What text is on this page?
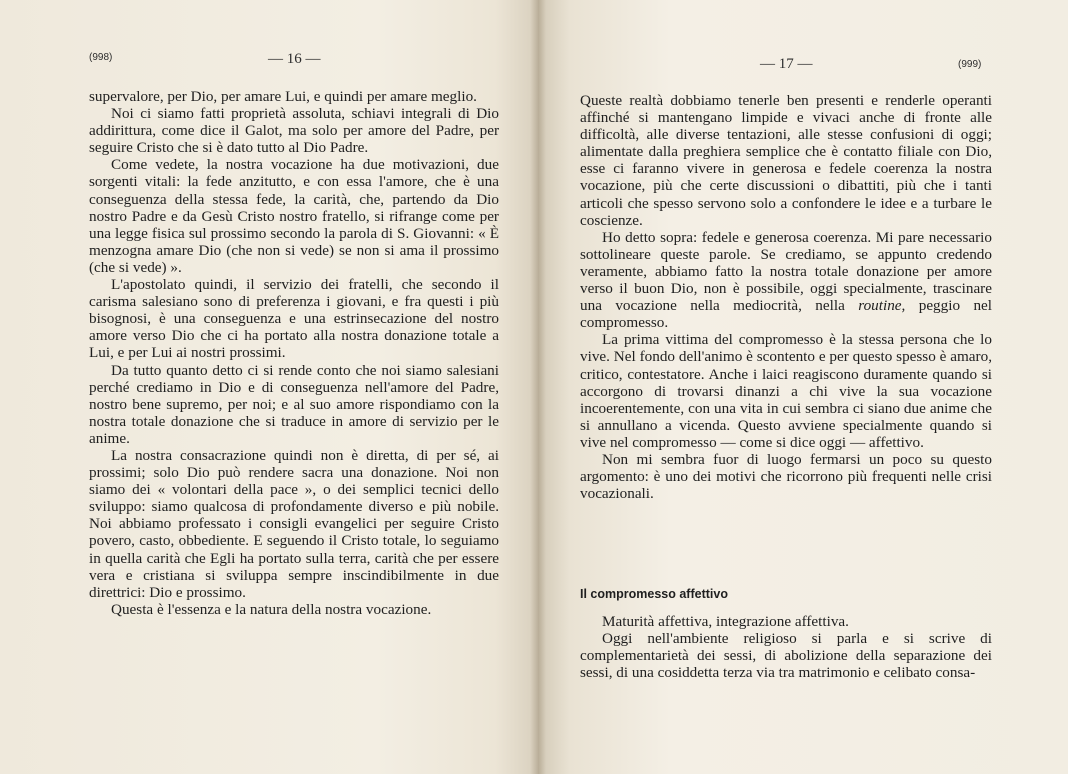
(998)	— 16 —

supervalore, per Dio, per amare Lui, e quindi per amare meglio.

Noi ci siamo fatti proprietà assoluta, schiavi integrali di Dio addirittura, come dice il Galot, ma solo per amore del Padre, per seguire Cristo che si è dato tutto al Dio Padre.

Come vedete, la nostra vocazione ha due motivazioni, due sorgenti vitali: la fede anzitutto, e con essa l'amore, che è una conseguenza della stessa fede, la carità, che, partendo da Dio nostro Padre e da Gesù Cristo nostro fratello, si rifrange come per una legge fisica sul prossimo secondo la parola di S. Giovanni: « È menzogna amare Dio (che non si vede) se non si ama il prossimo (che si vede) ».

L'apostolato quindi, il servizio dei fratelli, che secondo il carisma salesiano sono di preferenza i giovani, e fra questi i più bisognosi, è una conseguenza e una estrinsecazione del nostro amore verso Dio che ci ha portato alla nostra donazione totale a Lui, e per Lui ai nostri prossimi.

Da tutto quanto detto ci si rende conto che noi siamo salesiani perché crediamo in Dio e di conseguenza nell'amore del Padre, nostro bene supremo, per noi; e al suo amore rispondiamo con la nostra totale donazione che si traduce in amore di servizio per le anime.

La nostra consacrazione quindi non è diretta, di per sé, ai prossimi; solo Dio può rendere sacra una donazione. Noi non siamo dei « volontari della pace », o dei semplici tecnici dello sviluppo: siamo qualcosa di profondamente diverso e più nobile. Noi abbiamo professato i consigli evangelici per seguire Cristo povero, casto, obbediente. E seguendo il Cristo totale, lo seguiamo in quella carità che Egli ha portato sulla terra, carità che per essere vera e cristiana si sviluppa sempre inscindibilmente in due direttrici: Dio e prossimo.

Questa è l'essenza e la natura della nostra vocazione.

— 17 —	(999)

Queste realtà dobbiamo tenerle ben presenti e renderle operanti affinché si mantengano limpide e vivaci anche di fronte alle difficoltà, alle diverse tentazioni, alle stesse confusioni di oggi; alimentate dalla preghiera semplice che è contatto filiale con Dio, esse ci faranno vivere in generosa e fedele coerenza la nostra vocazione, più che certe discussioni o dibattiti, più che i tanti articoli che spesso servono solo a confondere le idee e a turbare le coscienze.

Ho detto sopra: fedele e generosa coerenza. Mi pare necessario sottolineare queste parole. Se crediamo, se appunto credendo veramente, abbiamo fatto la nostra totale donazione per amore verso il buon Dio, non è possibile, oggi specialmente, trascinare una vocazione nella mediocrità, nella routine, peggio nel compromesso.

La prima vittima del compromesso è la stessa persona che lo vive. Nel fondo dell'animo è scontento e per questo spesso è amaro, critico, contestatore. Anche i laici reagiscono duramente quando si accorgono di trovarsi dinanzi a chi vive la sua vocazione incoerentemente, con una vita in cui sembra ci siano due anime che si annullano a vicenda. Questo avviene specialmente quando si vive nel compromesso — come si dice oggi — affettivo.

Non mi sembra fuor di luogo fermarsi un poco su questo argomento: è uno dei motivi che ricorrono più frequenti nelle crisi vocazionali.

Il compromesso affettivo

Maturità affettiva, integrazione affettiva.

Oggi nell'ambiente religioso si parla e si scrive di complementarietà dei sessi, di abolizione della separazione dei sessi, di una cosiddetta terza via tra matrimonio e celibato consa-
